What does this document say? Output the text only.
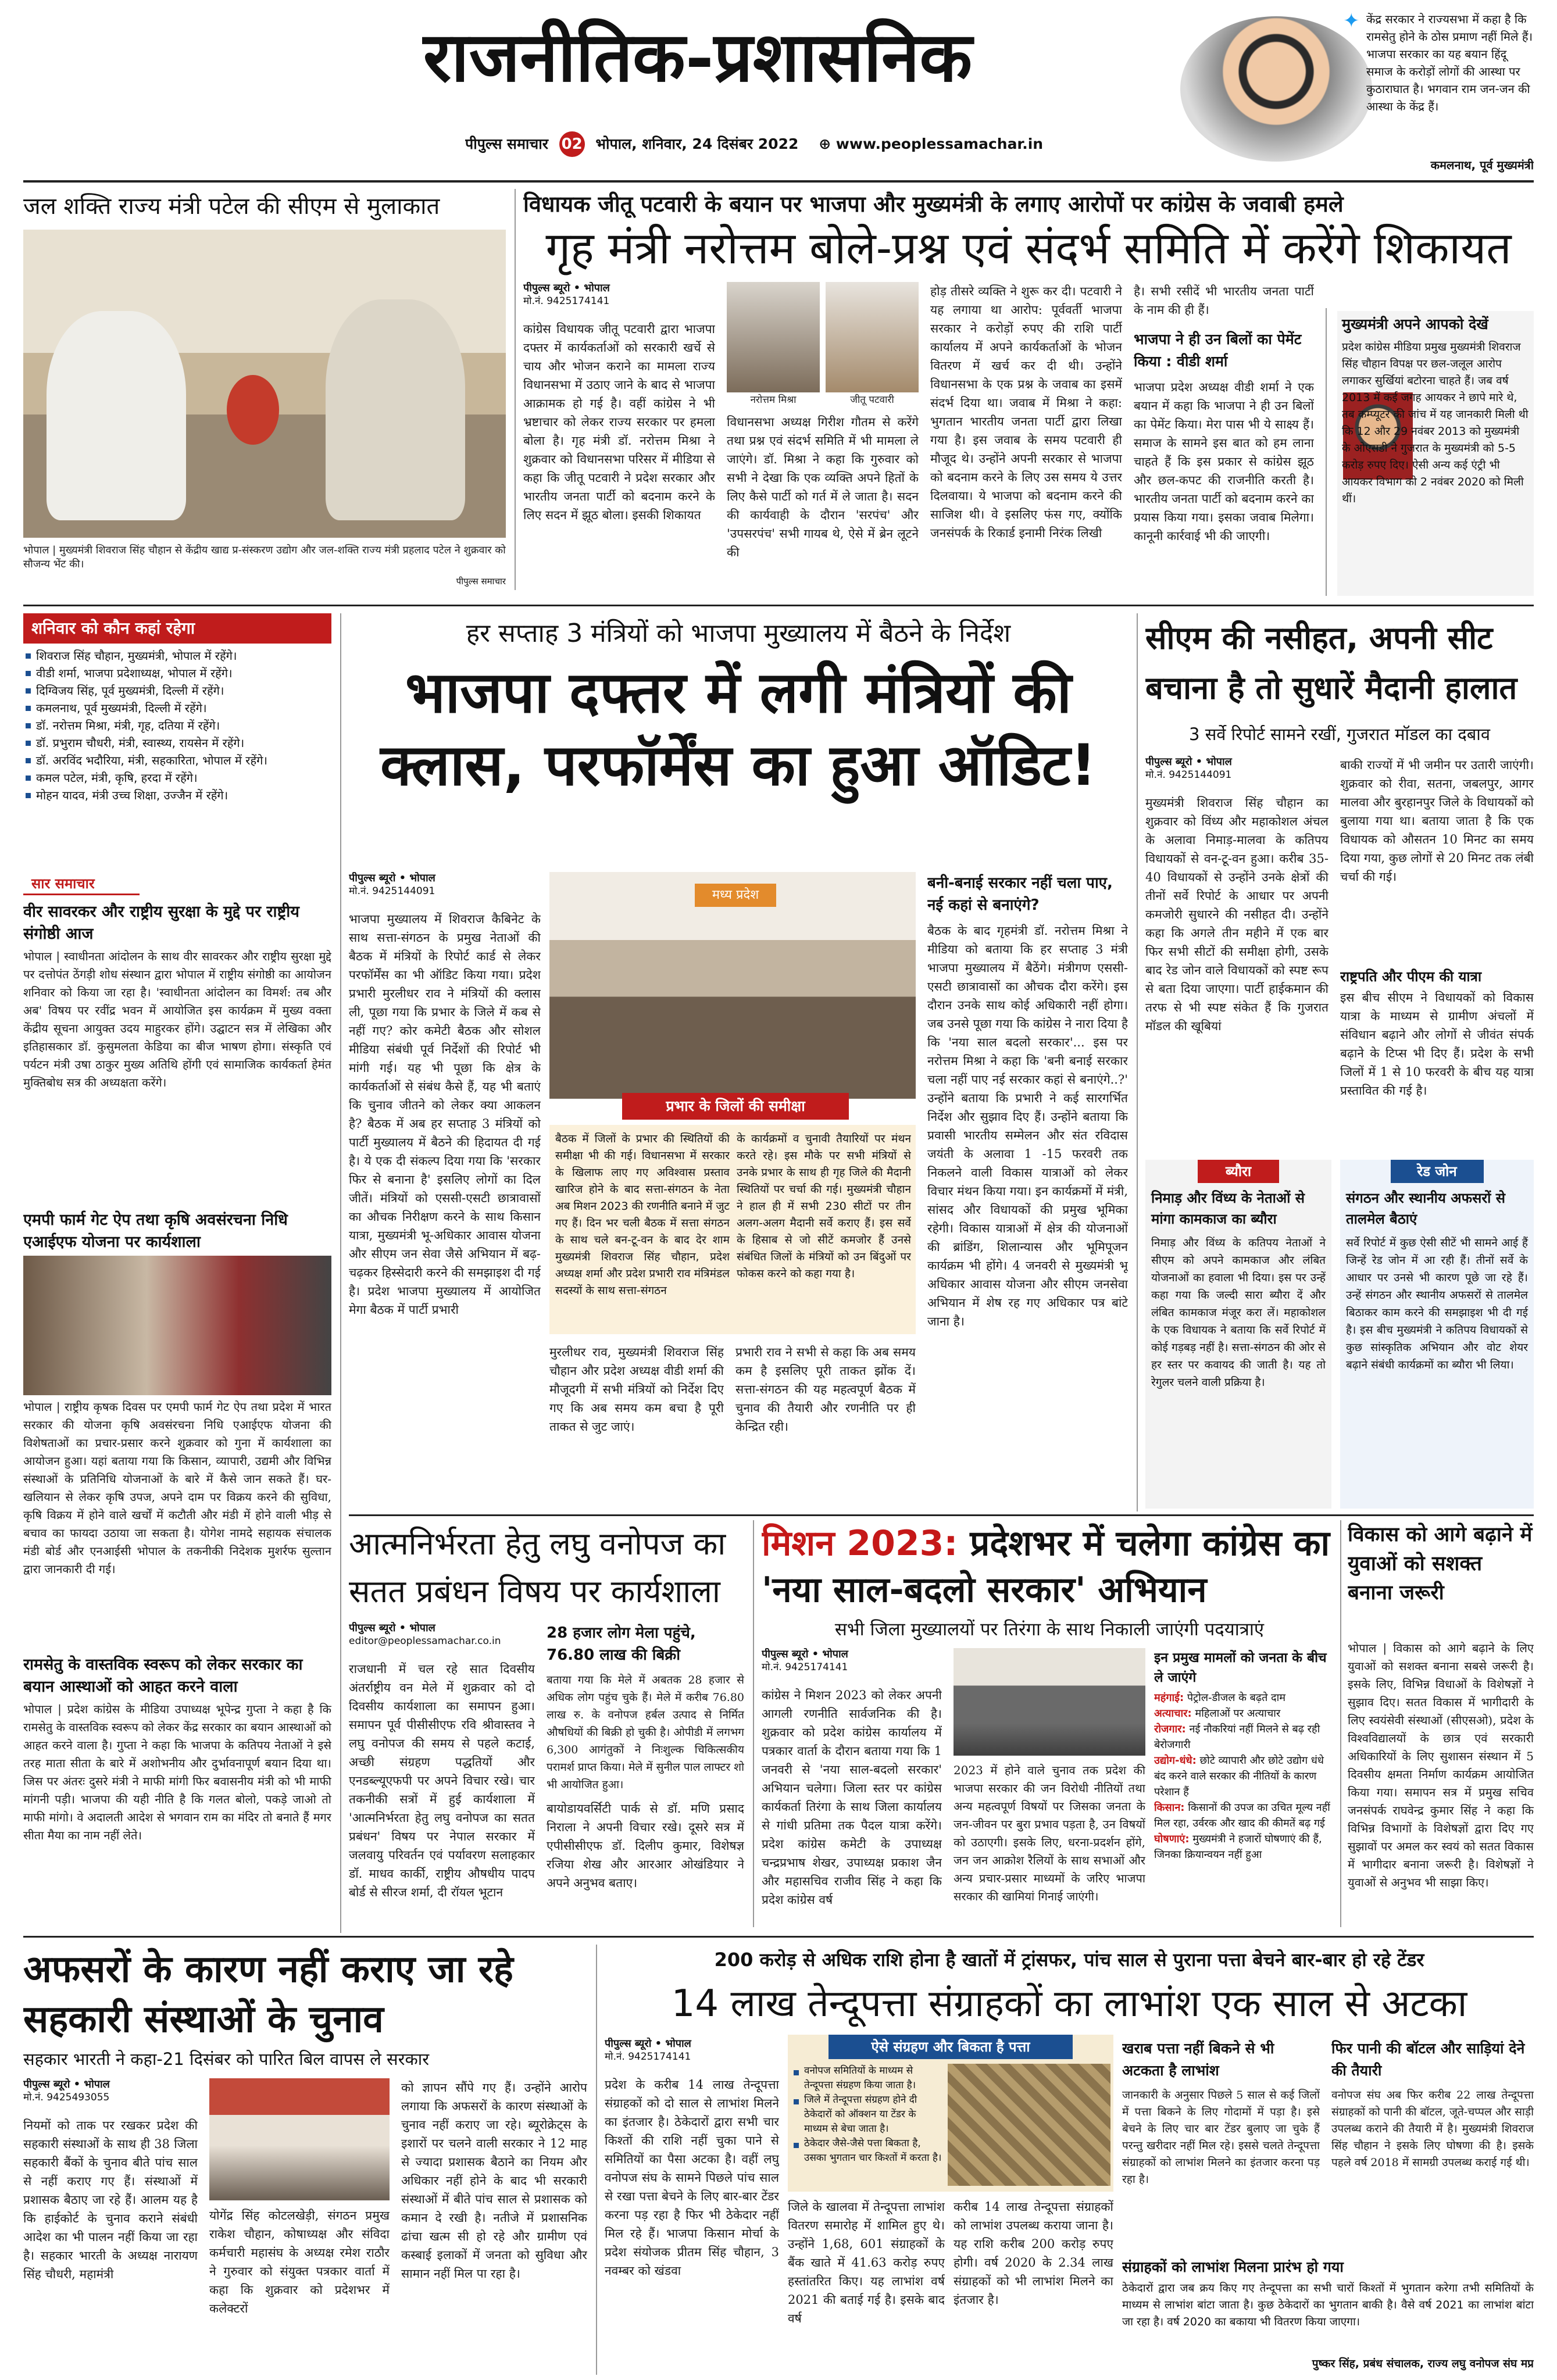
राजनीतिक-प्रशासनिक
पीपुल्स समाचार 02 भोपाल, शनिवार, 24 दिसंबर 2022 ⊕ www.peoplessamachar.in
✦ केंद्र सरकार ने राज्यसभा में कहा है कि रामसेतु होने के ठोस प्रमाण नहीं मिले हैं। भाजपा सरकार का यह बयान हिंदू समाज के करोड़ों लोगों की आस्था पर कुठाराघात है। भगवान राम जन-जन की आस्था के केंद्र हैं।
कमलनाथ, पूर्व मुख्यमंत्री
जल शक्ति राज्य मंत्री पटेल की सीएम से मुलाकात
भोपाल | मुख्यमंत्री शिवराज सिंह चौहान से केंद्रीय खाद्य प्र-संस्करण उद्योग और जल-शक्ति राज्य मंत्री प्रहलाद पटेल ने शुक्रवार को सौजन्य भेंट की।
पीपुल्स समाचार
विधायक जीतू पटवारी के बयान पर भाजपा और मुख्यमंत्री के लगाए आरोपों पर कांग्रेस के जवाबी हमले
गृह मंत्री नरोत्तम बोले-प्रश्न एवं संदर्भ समिति में करेंगे शिकायत
पीपुल्स ब्यूरो • भोपाल
मो.नं. 9425174141
कांग्रेस विधायक जीतू पटवारी द्वारा भाजपा दफ्तर में कार्यकर्ताओं को सरकारी खर्चे से चाय और भोजन कराने का मामला राज्य विधानसभा में उठाए जाने के बाद से भाजपा आक्रामक हो गई है। वहीं कांग्रेस ने भी भ्रष्टाचार को लेकर राज्य सरकार पर हमला बोला है। गृह मंत्री डॉ. नरोत्तम मिश्रा ने शुक्रवार को विधानसभा परिसर में मीडिया से कहा कि जीतू पटवारी ने प्रदेश सरकार और भारतीय जनता पार्टी को बदनाम करने के लिए सदन में झूठ बोला। इसकी शिकायत
नरोत्तम मिश्रा	जीतू पटवारी
विधानसभा अध्यक्ष गिरीश गौतम से करेंगे तथा प्रश्न एवं संदर्भ समिति में भी मामला ले जाएंगे। डॉ. मिश्रा ने कहा कि गुरुवार को सभी ने देखा कि एक व्यक्ति अपने हितों के लिए कैसे पार्टी को गर्त में ले जाता है। सदन की कार्यवाही के दौरान 'सरपंच' और 'उपसरपंच' सभी गायब थे, ऐसे में ब्रेन लूटने की
होड़ तीसरे व्यक्ति ने शुरू कर दी। पटवारी ने यह लगाया था आरोप: पूर्ववर्ती भाजपा सरकार ने करोड़ों रुपए की राशि पार्टी कार्यालय में अपने कार्यकर्ताओं के भोजन वितरण में खर्च कर दी थी। उन्होंने विधानसभा के एक प्रश्न के जवाब का इसमें संदर्भ दिया था। जवाब में मिश्रा ने कहा: भुगतान भारतीय जनता पार्टी द्वारा लिखा गया है। इस जवाब के समय पटवारी ही मौजूद थे। उन्होंने अपनी सरकार से भाजपा को बदनाम करने के लिए उस समय ये उत्तर दिलवाया। ये भाजपा को बदनाम करने की साजिश थी। वे इसलिए फंस गए, क्योंकि जनसंपर्क के रिकार्ड इनामी निरंक लिखी
है। सभी रसीदें भी भारतीय जनता पार्टी के नाम की ही हैं।
भाजपा ने ही उन बिलों का पेमेंट किया : वीडी शर्मा
भाजपा प्रदेश अध्यक्ष वीडी शर्मा ने एक बयान में कहा कि भाजपा ने ही उन बिलों का पेमेंट किया। मेरा पास भी ये साक्ष्य हैं। समाज के सामने इस बात को हम लाना चाहते हैं कि इस प्रकार से कांग्रेस झूठ और छल-कपट की राजनीति करती है। भारतीय जनता पार्टी को बदनाम करने का प्रयास किया गया। इसका जवाब मिलेगा। कानूनी कार्रवाई भी की जाएगी।
मुख्यमंत्री अपने आपको देखें
प्रदेश कांग्रेस मीडिया प्रमुख मुख्यमंत्री शिवराज सिंह चौहान विपक्ष पर छल-जलूल आरोप लगाकर सुर्खियां बटोरना चाहते हैं। जब वर्ष 2013 में कई जगह आयकर ने छापे मारे थे, तब कम्प्यूटर की जांच में यह जानकारी मिली थी कि 12 और 29 नवंबर 2013 को मुख्यमंत्री के ओएसडी ने गुजरात के मुख्यमंत्री को 5-5 करोड़ रुपए दिए। ऐसी अन्य कई एंट्री भी आयकर विभाग को 2 नवंबर 2020 को मिली थीं।
शनिवार को कौन कहां रहेगा
शिवराज सिंह चौहान, मुख्यमंत्री, भोपाल में रहेंगे।
वीडी शर्मा, भाजपा प्रदेशाध्यक्ष, भोपाल में रहेंगे।
दिग्विजय सिंह, पूर्व मुख्यमंत्री, दिल्ली में रहेंगे।
कमलनाथ, पूर्व मुख्यमंत्री, दिल्ली में रहेंगे।
डॉ. नरोत्तम मिश्रा, मंत्री, गृह, दतिया में रहेंगे।
डॉ. प्रभुराम चौधरी, मंत्री, स्वास्थ्य, रायसेन में रहेंगे।
डॉ. अरविंद भदौरिया, मंत्री, सहकारिता, भोपाल में रहेंगे।
कमल पटेल, मंत्री, कृषि, हरदा में रहेंगे।
मोहन यादव, मंत्री उच्च शिक्षा, उज्जैन में रहेंगे।
सार समाचार
वीर सावरकर और राष्ट्रीय सुरक्षा के मुद्दे पर राष्ट्रीय संगोष्ठी आज
भोपाल | स्वाधीनता आंदोलन के साथ वीर सावरकर और राष्ट्रीय सुरक्षा मुद्दे पर दत्तोपंत ठेंगड़ी शोध संस्थान द्वारा भोपाल में राष्ट्रीय संगोष्ठी का आयोजन शनिवार को किया जा रहा है। 'स्वाधीनता आंदोलन का विमर्श: तब और अब' विषय पर रवींद्र भवन में आयोजित इस कार्यक्रम में मुख्य वक्ता केंद्रीय सूचना आयुक्त उदय माहुरकर होंगे। उद्घाटन सत्र में लेखिका और इतिहासकार डॉ. कुसुमलता केडिया का बीज भाषण होगा। संस्कृति एवं पर्यटन मंत्री उषा ठाकुर मुख्य अतिथि होंगी एवं सामाजिक कार्यकर्ता हेमंत मुक्तिबोध सत्र की अध्यक्षता करेंगे।
एमपी फार्म गेट ऐप तथा कृषि अवसंरचना निधि एआईएफ योजना पर कार्यशाला
भोपाल | राष्ट्रीय कृषक दिवस पर एमपी फार्म गेट ऐप तथा प्रदेश में भारत सरकार की योजना कृषि अवसंरचना निधि एआईएफ योजना की विशेषताओं का प्रचार-प्रसार करने शुक्रवार को गुना में कार्यशाला का आयोजन हुआ। यहां बताया गया कि किसान, व्यापारी, उद्यमी और विभिन्न संस्थाओं के प्रतिनिधि योजनाओं के बारे में कैसे जान सकते हैं। घर-खलियान से लेकर कृषि उपज, अपने दाम पर विक्रय करने की सुविधा, कृषि विक्रय में होने वाले खर्चों में कटौती और मंडी में होने वाली भीड़ से बचाव का फायदा उठाया जा सकता है। योगेश नामदे सहायक संचालक मंडी बोर्ड और एनआईसी भोपाल के तकनीकी निदेशक मुशर्रफ सुल्तान द्वारा जानकारी दी गई।
रामसेतु के वास्तविक स्वरूप को लेकर सरकार का बयान आस्थाओं को आहत करने वाला
भोपाल | प्रदेश कांग्रेस के मीडिया उपाध्यक्ष भूपेन्द्र गुप्ता ने कहा है कि रामसेतु के वास्तविक स्वरूप को लेकर केंद्र सरकार का बयान आस्थाओं को आहत करने वाला है। गुप्ता ने कहा कि भाजपा के कतिपय नेताओं ने इसे तरह माता सीता के बारे में अशोभनीय और दुर्भावनापूर्ण बयान दिया था। जिस पर अंतरः दुसरे मंत्री ने माफी मांगी फिर बवासनीय मंत्री को भी माफी मांगनी पड़ी। भाजपा की यही नीति है कि गलत बोलो, पकड़े जाओ तो माफी मांगो। वे अदालती आदेश से भगवान राम का मंदिर तो बनाते हैं मगर सीता मैया का नाम नहीं लेते।
हर सप्ताह 3 मंत्रियों को भाजपा मुख्यालय में बैठने के निर्देश
भाजपा दफ्तर में लगी मंत्रियों की क्लास, परफॉर्मेंस का हुआ ऑडिट!
पीपुल्स ब्यूरो • भोपाल
मो.नं. 9425144091
भाजपा मुख्यालय में शिवराज कैबिनेट के साथ सत्ता-संगठन के प्रमुख नेताओं की बैठक में मंत्रियों के रिपोर्ट कार्ड से लेकर परफॉर्मेंस का भी ऑडिट किया गया। प्रदेश प्रभारी मुरलीधर राव ने मंत्रियों की क्लास ली, पूछा गया कि प्रभार के जिले में कब से नहीं गए? कोर कमेटी बैठक और सोशल मीडिया संबंधी पूर्व निर्देशों की रिपोर्ट भी मांगी गई। यह भी पूछा कि क्षेत्र के कार्यकर्ताओं से संबंध कैसे हैं, यह भी बताएं कि चुनाव जीतने को लेकर क्या आकलन है? बैठक में अब हर सप्ताह 3 मंत्रियों को पार्टी मुख्यालय में बैठने की हिदायत दी गई है। ये एक दी संकल्प दिया गया कि 'सरकार फिर से बनाना है' इसलिए लोगों का दिल जीतें। मंत्रियों को एससी-एसटी छात्रावासों का औचक निरीक्षण करने के साथ किसान यात्रा, मुख्यमंत्री भू-अधिकार आवास योजना और सीएम जन सेवा जैसे अभियान में बढ़-चढ़कर हिस्सेदारी करने की समझाइश दी गई है। प्रदेश भाजपा मुख्यालय में आयोजित मेगा बैठक में पार्टी प्रभारी
मध्य प्रदेश
प्रभार के जिलों की समीक्षा
बैठक में जिलों के प्रभार की स्थितियों की समीक्षा भी की गई। विधानसभा में सरकार के खिलाफ लाए गए अविश्वास प्रस्ताव खारिज होने के बाद सत्ता-संगठन के नेता अब मिशन 2023 की रणनीति बनाने में जुट गए हैं। दिन भर चली बैठक में सत्ता संगठन के साथ चले बन-टू-वन के बाद देर शाम मुख्यमंत्री शिवराज सिंह चौहान, प्रदेश अध्यक्ष शर्मा और प्रदेश प्रभारी राव मंत्रिमंडल सदस्यों के साथ सत्ता-संगठन
के कार्यक्रमों व चुनावी तैयारियों पर मंथन करते रहे। इस मौके पर सभी मंत्रियों से उनके प्रभार के साथ ही गृह जिले की मैदानी स्थितियों पर चर्चा की गई। मुख्यमंत्री चौहान ने हाल ही में सभी 230 सीटों पर तीन अलग-अलग मैदानी सर्वे कराए हैं। इस सर्वे के हिसाब से जो सीटें कमजोर हैं उनसे संबंधित जिलों के मंत्रियों को उन बिंदुओं पर फोकस करने को कहा गया है।
मुरलीधर राव, मुख्यमंत्री शिवराज सिंह चौहान और प्रदेश अध्यक्ष वीडी शर्मा की मौजूदगी में सभी मंत्रियों को निर्देश दिए गए कि अब समय कम बचा है पूरी ताकत से जुट जाएं।
प्रभारी राव ने सभी से कहा कि अब समय कम है इसलिए पूरी ताकत झोंक दें। सत्ता-संगठन की यह महत्वपूर्ण बैठक में चुनाव की तैयारी और रणनीति पर ही केन्द्रित रही।
बनी-बनाई सरकार नहीं चला पाए, नई कहां से बनाएंगे?
बैठक के बाद गृहमंत्री डॉ. नरोत्तम मिश्रा ने मीडिया को बताया कि हर सप्ताह 3 मंत्री भाजपा मुख्यालय में बैठेंगे। मंत्रीगण एससी-एसटी छात्रावासों का औचक दौरा करेंगे। इस दौरान उनके साथ कोई अधिकारी नहीं होगा। जब उनसे पूछा गया कि कांग्रेस ने नारा दिया है कि 'नया साल बदलो सरकार'... इस पर नरोत्तम मिश्रा ने कहा कि 'बनी बनाई सरकार चला नहीं पाए नई सरकार कहां से बनाएंगे..?' उन्होंने बताया कि प्रभारी ने कई सारगर्भित निर्देश और सुझाव दिए हैं। उन्होंने बताया कि प्रवासी भारतीय सम्मेलन और संत रविदास जयंती के अलावा 1 -15 फरवरी तक निकलने वाली विकास यात्राओं को लेकर विचार मंथन किया गया। इन कार्यक्रमों में मंत्री, सांसद और विधायकों की प्रमुख भूमिका रहेगी। विकास यात्राओं में क्षेत्र की योजनाओं की ब्रांडिंग, शिलान्यास और भूमिपूजन कार्यक्रम भी होंगे। 4 जनवरी से मुख्यमंत्री भू अधिकार आवास योजना और सीएम जनसेवा अभियान में शेष रह गए अधिकार पत्र बांटे जाना है।
सीएम की नसीहत, अपनी सीट बचाना है तो सुधारें मैदानी हालात
3 सर्वे रिपोर्ट सामने रखीं, गुजरात मॉडल का दबाव
पीपुल्स ब्यूरो • भोपाल
मो.नं. 9425144091
मुख्यमंत्री शिवराज सिंह चौहान का शुक्रवार को विंध्य और महाकोशल अंचल के अलावा निमाड़-मालवा के कतिपय विधायकों से वन-टू-वन हुआ। करीब 35-40 विधायकों से उन्होंने उनके क्षेत्रों की तीनों सर्वे रिपोर्ट के आधार पर अपनी कमजोरी सुधारने की नसीहत दी। उन्होंने कहा कि अगले तीन महीने में एक बार फिर सभी सीटों की समीक्षा होगी, उसके बाद रेड जोन वाले विधायकों को स्पष्ट रूप से बता दिया जाएगा। पार्टी हाईकमान की तरफ से भी स्पष्ट संकेत हैं कि गुजरात मॉडल की खूबियां
बाकी राज्यों में भी जमीन पर उतारी जाएंगी। शुक्रवार को रीवा, सतना, जबलपुर, आगर मालवा और बुरहानपुर जिले के विधायकों को बुलाया गया था। बताया जाता है कि एक विधायक को औसतन 10 मिनट का समय दिया गया, कुछ लोगों से 20 मिनट तक लंबी चर्चा की गई।
राष्ट्रपति और पीएम की यात्रा
इस बीच सीएम ने विधायकों को विकास यात्रा के माध्यम से ग्रामीण अंचलों में संविधान बढ़ाने और लोगों से जीवंत संपर्क बढ़ाने के टिप्स भी दिए हैं। प्रदेश के सभी जिलों में 1 से 10 फरवरी के बीच यह यात्रा प्रस्तावित की गई है।
ब्यौरा
निमाड़ और विंध्य के नेताओं से मांगा कामकाज का ब्यौरा
निमाड़ और विंध्य के कतिपय नेताओं ने सीएम को अपने कामकाज और लंबित योजनाओं का हवाला भी दिया। इस पर उन्हें कहा गया कि जल्दी सारा ब्यौरा दें और लंबित कामकाज मंजूर करा लें। महाकोशल के एक विधायक ने बताया कि सर्वे रिपोर्ट में कोई गड़बड़ नहीं है। सत्ता-संगठन की ओर से हर स्तर पर कवायद की जाती है। यह तो रेगुलर चलने वाली प्रक्रिया है।
रेड जोन
संगठन और स्थानीय अफसरों से तालमेल बैठाएं
सर्वे रिपोर्ट में कुछ ऐसी सीटें भी सामने आई हैं जिन्हें रेड जोन में आ रही हैं। तीनों सर्वे के आधार पर उनसे भी कारण पूछे जा रहे हैं। उन्हें संगठन और स्थानीय अफसरों से तालमेल बिठाकर काम करने की समझाइश भी दी गई है। इस बीच मुख्यमंत्री ने कतिपय विधायकों से कुछ सांस्कृतिक अभियान और वोट शेयर बढ़ाने संबंधी कार्यक्रमों का ब्यौरा भी लिया।
आत्मनिर्भरता हेतु लघु वनोपज का सतत प्रबंधन विषय पर कार्यशाला
पीपुल्स ब्यूरो • भोपाल
editor@peoplessamachar.co.in
राजधानी में चल रहे सात दिवसीय अंतर्राष्ट्रीय वन मेले में शुक्रवार को दो दिवसीय कार्यशाला का समापन हुआ। समापन पूर्व पीसीसीएफ रवि श्रीवास्तव ने लघु वनोपज की समय से पहले कटाई, अच्छी संग्रहण पद्धतियों और एनडब्ल्यूएफपी पर अपने विचार रखे। चार तकनीकी सत्रों में हुई कार्यशाला में 'आत्मनिर्भरता हेतु लघु वनोपज का सतत प्रबंधन' विषय पर नेपाल सरकार में जलवायु परिवर्तन एवं पर्यावरण सलाहकार डॉ. माधव कार्की, राष्ट्रीय औषधीय पादप बोर्ड से सीरज शर्मा, दी रॉयल भूटान
28 हजार लोग मेला पहुंचे, 76.80 लाख की बिक्री
बताया गया कि मेले में अबतक 28 हजार से अधिक लोग पहुंच चुके हैं। मेले में करीब 76.80 लाख रु. के वनोपज हर्बल उत्पाद से निर्मित औषधियों की बिक्री हो चुकी है। ओपीडी में लगभग 6,300 आगंतुकों ने निःशुल्क चिकित्सकीय परामर्श प्राप्त किया। मेले में सुनील पाल लाफ्टर शो भी आयोजित हुआ।
बायोडायवर्सिटी पार्क से डॉ. मणि प्रसाद निराला ने अपनी विचार रखे। दूसरे सत्र में एपीसीसीएफ डॉ. दिलीप कुमार, विशेषज्ञ रजिया शेख और आरआर ओखंडियार ने अपने अनुभव बताए।
मिशन 2023: प्रदेशभर में चलेगा कांग्रेस का 'नया साल-बदलो सरकार' अभियान
सभी जिला मुख्यालयों पर तिरंगा के साथ निकाली जाएंगी पदयात्राएं
पीपुल्स ब्यूरो • भोपाल
मो.नं. 9425174141
कांग्रेस ने मिशन 2023 को लेकर अपनी आगली रणनीति सार्वजनिक की है। शुक्रवार को प्रदेश कांग्रेस कार्यालय में पत्रकार वार्ता के दौरान बताया गया कि 1 जनवरी से 'नया साल-बदलो सरकार' अभियान चलेगा। जिला स्तर पर कांग्रेस कार्यकर्ता तिरंगा के साथ जिला कार्यालय से गांधी प्रतिमा तक पैदल यात्रा करेंगे। प्रदेश कांग्रेस कमेटी के उपाध्यक्ष चन्द्रप्रभाष शेखर, उपाध्यक्ष प्रकाश जैन और महासचिव राजीव सिंह ने कहा कि प्रदेश कांग्रेस वर्ष
2023 में होने वाले चुनाव तक प्रदेश की भाजपा सरकार की जन विरोधी नीतियों तथा अन्य महत्वपूर्ण विषयों पर जिसका जनता के जन-जीवन पर बुरा प्रभाव पड़ता है, उन विषयों को उठाएगी। इसके लिए, धरना-प्रदर्शन होंगे, जन जन आक्रोश रैलियों के साथ सभाओं और अन्य प्रचार-प्रसार माध्यमों के जरिए भाजपा सरकार की खामियां गिनाई जाएंगी।
इन प्रमुख मामलों को जनता के बीच ले जाएंगे
महंगाई: पेट्रोल-डीजल के बढ़ते दाम
अत्याचार: महिलाओं पर अत्याचार
रोजगार: नई नौकरियां नहीं मिलने से बढ़ रही बेरोजगारी
उद्योग-धंधे: छोटे व्यापारी और छोटे उद्योग धंधे बंद करने वाले सरकार की नीतियों के कारण परेशान हैं
किसान: किसानों की उपज का उचित मूल्य नहीं मिल रहा, उर्वरक और खाद की कीमतें बढ़ गई
घोषणाएं: मुख्यमंत्री ने हजारों घोषणाएं की हैं, जिनका क्रियान्वयन नहीं हुआ
विकास को आगे बढ़ाने में युवाओं को सशक्त बनाना जरूरी
भोपाल | विकास को आगे बढ़ाने के लिए युवाओं को सशक्त बनाना सबसे जरूरी है। इसके लिए, विभिन्न विधाओं के विशेषज्ञों ने सुझाव दिए। सतत विकास में भागीदारी के लिए स्वयंसेवी संस्थाओं (सीएसओ), प्रदेश के विश्वविद्यालयों के छात्र एवं सरकारी अधिकारियों के लिए सुशासन संस्थान में 5 दिवसीय क्षमता निर्माण कार्यक्रम आयोजित किया गया। समापन सत्र में प्रमुख सचिव जनसंपर्क राघवेन्द्र कुमार सिंह ने कहा कि विभिन्न विभागों के विशेषज्ञों द्वारा दिए गए सुझावों पर अमल कर स्वयं को सतत विकास में भागीदार बनाना जरूरी है। विशेषज्ञों ने युवाओं से अनुभव भी साझा किए।
अफसरों के कारण नहीं कराए जा रहे सहकारी संस्थाओं के चुनाव
सहकार भारती ने कहा-21 दिसंबर को पारित बिल वापस ले सरकार
पीपुल्स ब्यूरो • भोपाल
मो.नं. 9425493055
नियमों को ताक पर रखकर प्रदेश की सहकारी संस्थाओं के साथ ही 38 जिला सहकारी बैंकों के चुनाव बीते पांच साल से नहीं कराए गए हैं। संस्थाओं में प्रशासक बैठाए जा रहे हैं। आलम यह है कि हाईकोर्ट के चुनाव कराने संबंधी आदेश का भी पालन नहीं किया जा रहा है। सहकार भारती के अध्यक्ष नारायण सिंह चौधरी, महामंत्री
योगेंद्र सिंह कोटलखेड़ी, संगठन प्रमुख राकेश चौहान, कोषाध्यक्ष और संविदा कर्मचारी महासंघ के अध्यक्ष रमेश राठौर ने गुरुवार को संयुक्त पत्रकार वार्ता में कहा कि शुक्रवार को प्रदेशभर में कलेक्टरों
को ज्ञापन सौंपे गए हैं। उन्होंने आरोप लगाया कि अफसरों के कारण संस्थाओं के चुनाव नहीं कराए जा रहे। ब्यूरोक्रेट्स के इशारों पर चलने वाली सरकार ने 12 माह से ज्यादा प्रशासक बैठाने का नियम और अधिकार नहीं होने के बाद भी सरकारी संस्थाओं में बीते पांच साल से प्रशासक को कमान दे रखी है। नतीजे में प्रशासनिक ढांचा खत्म सी हो रहे और ग्रामीण एवं कस्बाई इलाकों में जनता को सुविधा और सामान नहीं मिल पा रहा है।
200 करोड़ से अधिक राशि होना है खातों में ट्रांसफर, पांच साल से पुराना पत्ता बेचने बार-बार हो रहे टेंडर
14 लाख तेन्दूपत्ता संग्राहकों का लाभांश एक साल से अटका
पीपुल्स ब्यूरो • भोपाल
मो.नं. 9425174141
प्रदेश के करीब 14 लाख तेन्दूपत्ता संग्राहकों को दो साल से लाभांश मिलने का इंतजार है। ठेकेदारों द्वारा सभी चार किश्तों की राशि नहीं चुका पाने से समितियों का पैसा अटका है। वहीं लघु वनोपज संघ के सामने पिछले पांच साल से रखा पत्ता बेचने के लिए बार-बार टेंडर करना पड़ रहा है फिर भी ठेकेदार नहीं मिल रहे हैं। भाजपा किसान मोर्चा के प्रदेश संयोजक प्रीतम सिंह चौहान, 3 नवम्बर को खंडवा
ऐसे संग्रहण और बिकता है पत्ता
वनोपज समितियों के माध्यम से तेन्दूपत्ता संग्रहण किया जाता है।
जिले में तेन्दूपत्ता संग्रहण होने दी ठेकेदारों को ऑक्शन या टेंडर के माध्यम से बेचा जाता है।
ठेकेदार जैसे-जैसे पत्ता बिकता है, उसका भुगतान चार किश्तों में करता है।
जिले के खालवा में तेन्दूपत्ता लाभांश वितरण समारोह में शामिल हुए थे। उन्होंने 1,68, 601 संग्राहकों के बैंक खाते में 41.63 करोड़ रुपए हस्तांतरित किए। यह लाभांश वर्ष 2021 की बताई गई है। इसके बाद वर्ष
करीब 14 लाख तेन्दूपत्ता संग्राहकों को लाभांश उपलब्ध कराया जाना है। यह राशि करीब 200 करोड़ रुपए होगी। वर्ष 2020 के 2.34 लाख संग्राहकों को भी लाभांश मिलने का इंतजार है।
खराब पत्ता नहीं बिकने से भी अटकता है लाभांश
जानकारी के अनुसार पिछले 5 साल से कई जिलों में पत्ता बिकने के लिए गोदामों में पड़ा है। इसे बेचने के लिए चार बार टेंडर बुलाए जा चुके हैं परन्तु खरीदार नहीं मिल रहे। इससे चलते तेन्दूपत्ता संग्राहकों को लाभांश मिलने का इंतजार करना पड़ रहा है।
फिर पानी की बॉटल और साड़ियां देने की तैयारी
वनोपज संघ अब फिर करीब 22 लाख तेन्दूपत्ता संग्राहकों को पानी की बॉटल, जूते-चप्पल और साड़ी उपलब्ध कराने की तैयारी में है। मुख्यमंत्री शिवराज सिंह चौहान ने इसके लिए घोषणा की है। इसके पहले वर्ष 2018 में सामग्री उपलब्ध कराई गई थी।
संग्राहकों को लाभांश मिलना प्रारंभ हो गया
ठेकेदारों द्वारा जब क्रय किए गए तेन्दूपत्ता का सभी चारों किश्तों में भुगतान करेगा तभी समितियों के माध्यम से लाभांश बांटा जाता है। कुछ ठेकेदारों का भुगतान बाकी है। वैसे वर्ष 2021 का लाभांश बांटा जा रहा है। वर्ष 2020 का बकाया भी वितरण किया जाएगा।
पुष्कर सिंह, प्रबंध संचालक, राज्य लघु वनोपज संघ मप्र
